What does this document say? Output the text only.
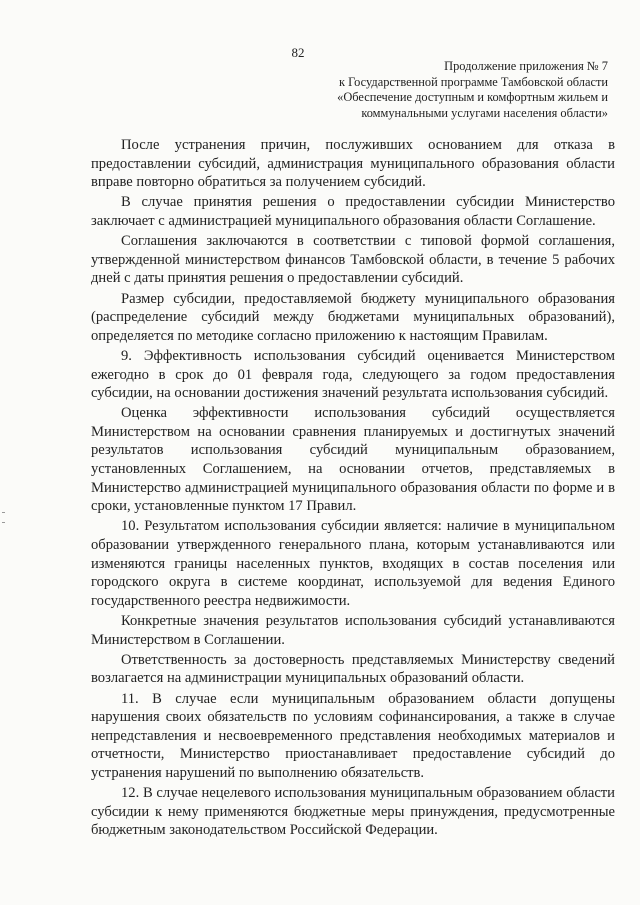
82
Продолжение приложения № 7
к Государственной программе Тамбовской области
«Обеспечение доступным и комфортным жильем и
коммунальными услугами населения области»

После устранения причин, послуживших основанием для отказа в предоставлении субсидий, администрация муниципального образования области вправе повторно обратиться за получением субсидий.

В случае принятия решения о предоставлении субсидии Министерство заключает с администрацией муниципального образования области Соглашение.

Соглашения заключаются в соответствии с типовой формой соглашения, утвержденной министерством финансов Тамбовской области, в течение 5 рабочих дней с даты принятия решения о предоставлении субсидий.

Размер субсидии, предоставляемой бюджету муниципального образования (распределение субсидий между бюджетами муниципальных образований), определяется по методике согласно приложению к настоящим Правилам.

9. Эффективность использования субсидий оценивается Министерством ежегодно в срок до 01 февраля года, следующего за годом предоставления субсидии, на основании достижения значений результата использования субсидий.

Оценка эффективности использования субсидий осуществляется Министерством на основании сравнения планируемых и достигнутых значений результатов использования субсидий муниципальным образованием, установленных Соглашением, на основании отчетов, представляемых в Министерство администрацией муниципального образования области по форме и в сроки, установленные пунктом 17 Правил.

10. Результатом использования субсидии является: наличие в муниципальном образовании утвержденного генерального плана, которым устанавливаются или изменяются границы населенных пунктов, входящих в состав поселения или городского округа в системе координат, используемой для ведения Единого государственного реестра недвижимости.

Конкретные значения результатов использования субсидий устанавливаются Министерством в Соглашении.

Ответственность за достоверность представляемых Министерству сведений возлагается на администрации муниципальных образований области.

11. В случае если муниципальным образованием области допущены нарушения своих обязательств по условиям софинансирования, а также в случае непредставления и несвоевременного представления необходимых материалов и отчетности, Министерство приостанавливает предоставление субсидий до устранения нарушений по выполнению обязательств.

12. В случае нецелевого использования муниципальным образованием области субсидии к нему применяются бюджетные меры принуждения, предусмотренные бюджетным законодательством Российской Федерации.
